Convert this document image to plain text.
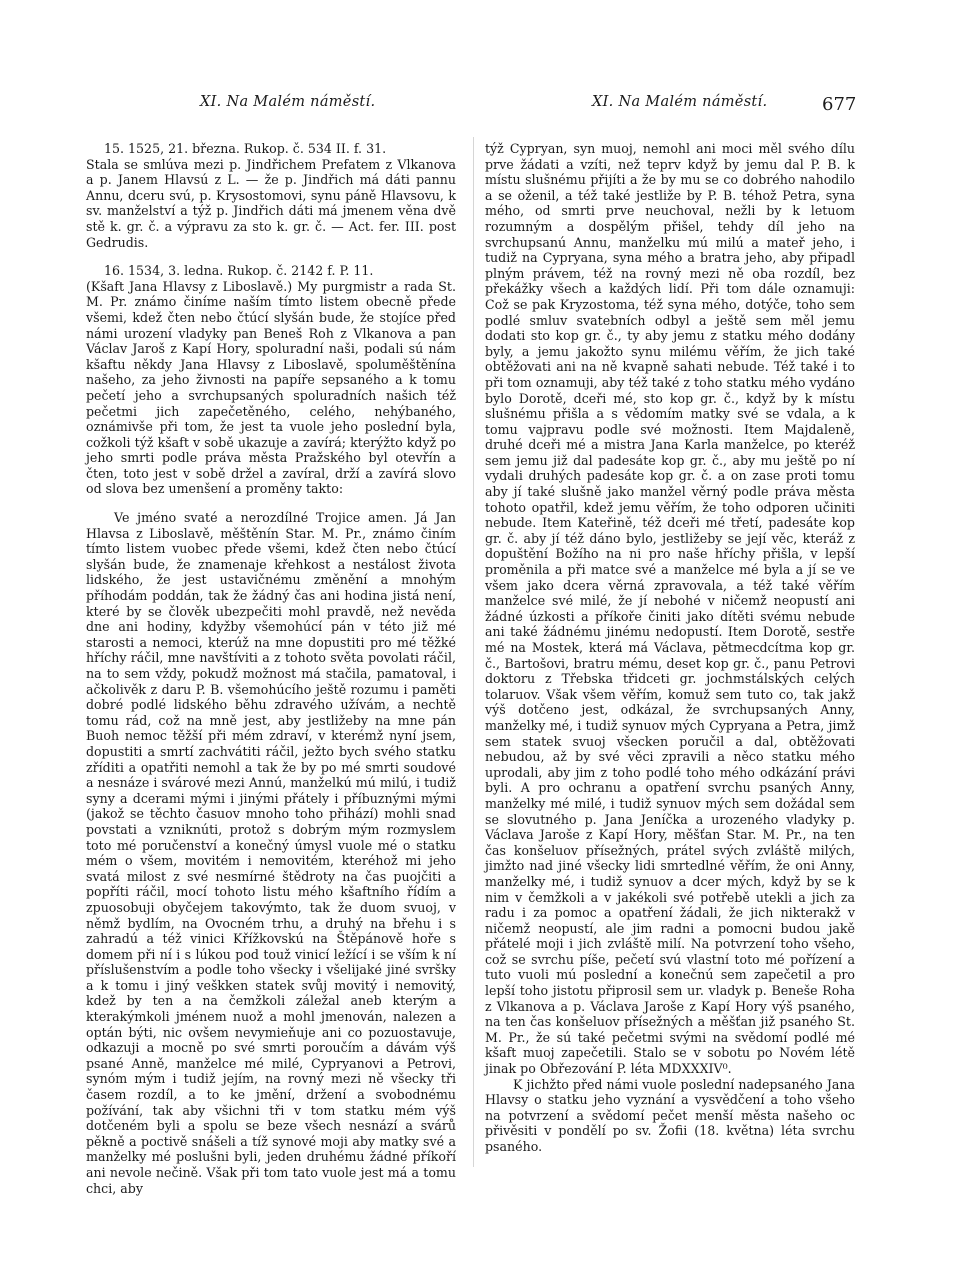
XI. Na Malém náměstí.	XI. Na Malém náměstí.	677

15. 1525, 21. března. Rukop. č. 534 II. f. 31.

Stala se smlúva mezi p. Jindřichem Prefatem z Vlkanova a p. Janem Hlavsú z L. — že p. Jindřich má dáti pannu Annu, dceru svú, p. Krysostomovi, synu páně Hlavsovu, k sv. manželství a týž p. Jindřich dáti má jmenem věna dvě stě k. gr. č. a výpravu za sto k. gr. č. — Act. fer. III. post Gedrudis.

16. 1534, 3. ledna. Rukop. č. 2142 f. P. 11.

(Kšaft Jana Hlavsy z Liboslavě.) My purgmistr a rada St. M. Pr. známo činíme naším tímto listem obecně přede všemi, kdež čten nebo čtúcí slyšán bude, že stojíce před námi urození vladyky pan Beneš Roh z Vlkanova a pan Václav Jaroš z Kapí Hory, spoluradní naši, podali sú nám kšaftu někdy Jana Hlavsy z Liboslavě, spoluměštěnína našeho, za jeho živnosti na papíře sepsaného a k tomu pečetí jeho a svrchupsaných spoluradních našich též pečetmi jich zapečetěného, celého, nehýbaného, oznámivše při tom, že jest ta vuole jeho poslední byla, cožkoli týž kšaft v sobě ukazuje a zavírá; kterýžto když po jeho smrti podle práva města Pražského byl otevřín a čten, toto jest v sobě držel a zavíral, drží a zavírá slovo od slova bez umenšení a proměny takto:

Ve jméno svaté a nerozdílné Trojice amen. Já Jan Hlavsa z Liboslavě, měštěnín Star. M. Pr., známo činím tímto listem vuobec přede všemi, kdež čten nebo čtúcí slyšán bude, že znamenaje křehkost a nestálost života lidského, že jest ustavičnému změnění a mnohým příhodám poddán, tak že žádný čas ani hodina jistá není, které by se člověk ubezpečiti mohl pravdě, než nevěda dne ani hodiny, kdyžby všemohúcí pán v této již mé starosti a nemoci, kterúž na mne dopustiti pro mé těžké hříchy ráčil, mne navštíviti a z tohoto světa povolati ráčil, na to sem vždy, pokudž možnost má stačila, pamatoval, i ačkolivěk z daru P. B. všemohúcího ještě rozumu i paměti dobré podlé lidského běhu zdravého užívám, a nechtě tomu rád, což na mně jest, aby jestližeby na mne pán Buoh nemoc těžší při mém zdraví, v kterémž nyní jsem, dopustiti a smrtí zachvátiti ráčil, ježto bych svého statku zříditi a opatřiti nemohl a tak že by po mé smrti soudové a nesnáze i svárové mezi Annú, manželkú mú milú, i tudiž syny a dcerami mými i jinými přátely i příbuznými mými (jakož se těchto časuov mnoho toho přihází) mohli snad povstati a vzniknúti, protož s dobrým mým rozmyslem toto mé poručenství a konečný úmysl vuole mé o statku mém o všem, movitém i nemovitém, kteréhož mi jeho svatá milost z své nesmírné štědroty na čas puojčiti a popříti ráčil, mocí tohoto listu mého kšaftního řídím a zpuosobuji obyčejem takovýmto, tak že duom svuoj, v němž bydlím, na Ovocném trhu, a druhý na břehu i s zahradú a též vinici Křížkovskú na Štěpánově hoře s domem při ní i s lúkou pod touž vinicí ležící i se vším k ní příslušenstvím a podle toho všecky i všelijaké jiné svršky a k tomu i jiný veškken statek svůj movitý i nemovitý, kdež by ten a na čemžkoli záležal aneb kterým a kterakýmkoli jménem nuož a mohl jmenován, nalezen a optán býti, nic ovšem nevymieňuje ani co pozuostavuje, odkazuji a mocně po své smrti poroučím a dávám výš psané Anně, manželce mé milé, Cypryanovi a Petrovi, synóm mým i tudiž jejím, na rovný mezi ně všecky tři časem rozdíl, a to ke jmění, držení a svobodnému požívání, tak aby všichni tři v tom statku mém výš dotčeném byli a spolu se beze všech nesnází a svárů pěkně a poctivě snášeli a tíž synové moji aby matky své a manželky mé poslušni byli, jeden druhému žádné příkoří ani nevole nečině. Však při tom tato vuole jest má a tomu chci, aby

týž Cypryan, syn muoj, nemohl ani moci měl svého dílu prve žádati a vzíti, než teprv když by jemu dal P. B. k místu slušnému přijíti a že by mu se co dobrého nahodilo a se oženil, a též také jestliže by P. B. téhož Petra, syna mého, od smrti prve neuchoval, nežli by k letuom rozumným a dospělým přišel, tehdy díl jeho na svrchupsanú Annu, manželku mú milú a mateř jeho, i tudiž na Cypryana, syna mého a bratra jeho, aby připadl plným právem, též na rovný mezi ně oba rozdíl, bez překážky všech a každých lidí. Při tom dále oznamuji: Což se pak Kryzostoma, též syna mého, dotýče, toho sem podlé smluv svatebních odbyl a ještě sem měl jemu dodati sto kop gr. č., ty aby jemu z statku mého dodány byly, a jemu jakožto synu milému věřím, že jich také obtěžovati ani na ně kvapně sahati nebude. Též také i to při tom oznamuji, aby též také z toho statku mého vydáno bylo Dorotě, dceři mé, sto kop gr. č., když by k místu slušnému přišla a s vědomím matky své se vdala, a k tomu vajpravu podle své možnosti. Item Majdaleně, druhé dceři mé a mistra Jana Karla manželce, po kteréž sem jemu již dal padesáte kop gr. č., aby mu ještě po ní vydali druhých padesáte kop gr. č. a on zase proti tomu aby jí také slušně jako manžel věrný podle práva města tohoto opatřil, kdež jemu věřím, že toho odporen učiniti nebude. Item Kateřině, též dceři mé třetí, padesáte kop gr. č. aby jí též dáno bylo, jestližeby se její věc, kteráž z dopuštění Božího na ni pro naše hříchy přišla, v lepší proměnila a při matce své a manželce mé byla a jí se ve všem jako dcera věrná zpravovala, a též také věřím manželce své milé, že jí nebohé v ničemž neopustí ani žádné úzkosti a příkoře činiti jako dítěti svému nebude ani také žádnému jinému nedopustí. Item Dorotě, sestře mé na Mostek, která má Václava, pětmecdcítma kop gr. č., Bartošovi, bratru mému, deset kop gr. č., panu Petrovi doktoru z Třebska třidceti gr. jochmstálských celých tolaruov. Však všem věřím, komuž sem tuto co, tak jakž výš dotčeno jest, odkázal, že svrchupsaných Anny, manželky mé, i tudiž synuov mých Cypryana a Petra, jimž sem statek svuoj všecken poručil a dal, obtěžovati nebudou, až by své věci zpravili a něco statku mého uprodali, aby jim z toho podlé toho mého odkázání právi byli. A pro ochranu a opatření svrchu psaných Anny, manželky mé milé, i tudiž synuov mých sem dožádal sem se slovutného p. Jana Jeníčka a urozeného vladyky p. Václava Jaroše z Kapí Hory, měšťan Star. M. Pr., na ten čas konšeluov přísežných, prátel svých zvláště milých, jimžto nad jiné všecky lidi smrtedlné věřím, že oni Anny, manželky mé, i tudiž synuov a dcer mých, když by se k nim v čemžkoli a v jakékoli své potřebě utekli a jich za radu i za pomoc a opatření žádali, že jich nikterakž v ničemž neopustí, ale jim radni a pomocni budou jakě přátelé moji i jich zvláště milí. Na potvrzení toho všeho, což se svrchu píše, pečetí svú vlastní toto mé pořízení a tuto vuoli mú poslední a konečnú sem zapečetil a pro lepší toho jistotu připrosil sem ur. vladyk p. Beneše Roha z Vlkanova a p. Václava Jaroše z Kapí Hory výš psaného, na ten čas konšeluov přísežných a měšťan již psaného St. M. Pr., že sú také pečetmi svými na svědomí podlé mé kšaft muoj zapečetili. Stalo se v sobotu po Novém létě jinak po Obřezování P. léta MDXXXIV⁰.

K jichžto před námi vuole poslední nadepsaného Jana Hlavsy o statku jeho vyznání a vysvědčení a toho všeho na potvrzení a svědomí pečet menší města našeho oc přivěsiti v pondělí po sv. Žofii (18. května) léta svrchu psaného.
